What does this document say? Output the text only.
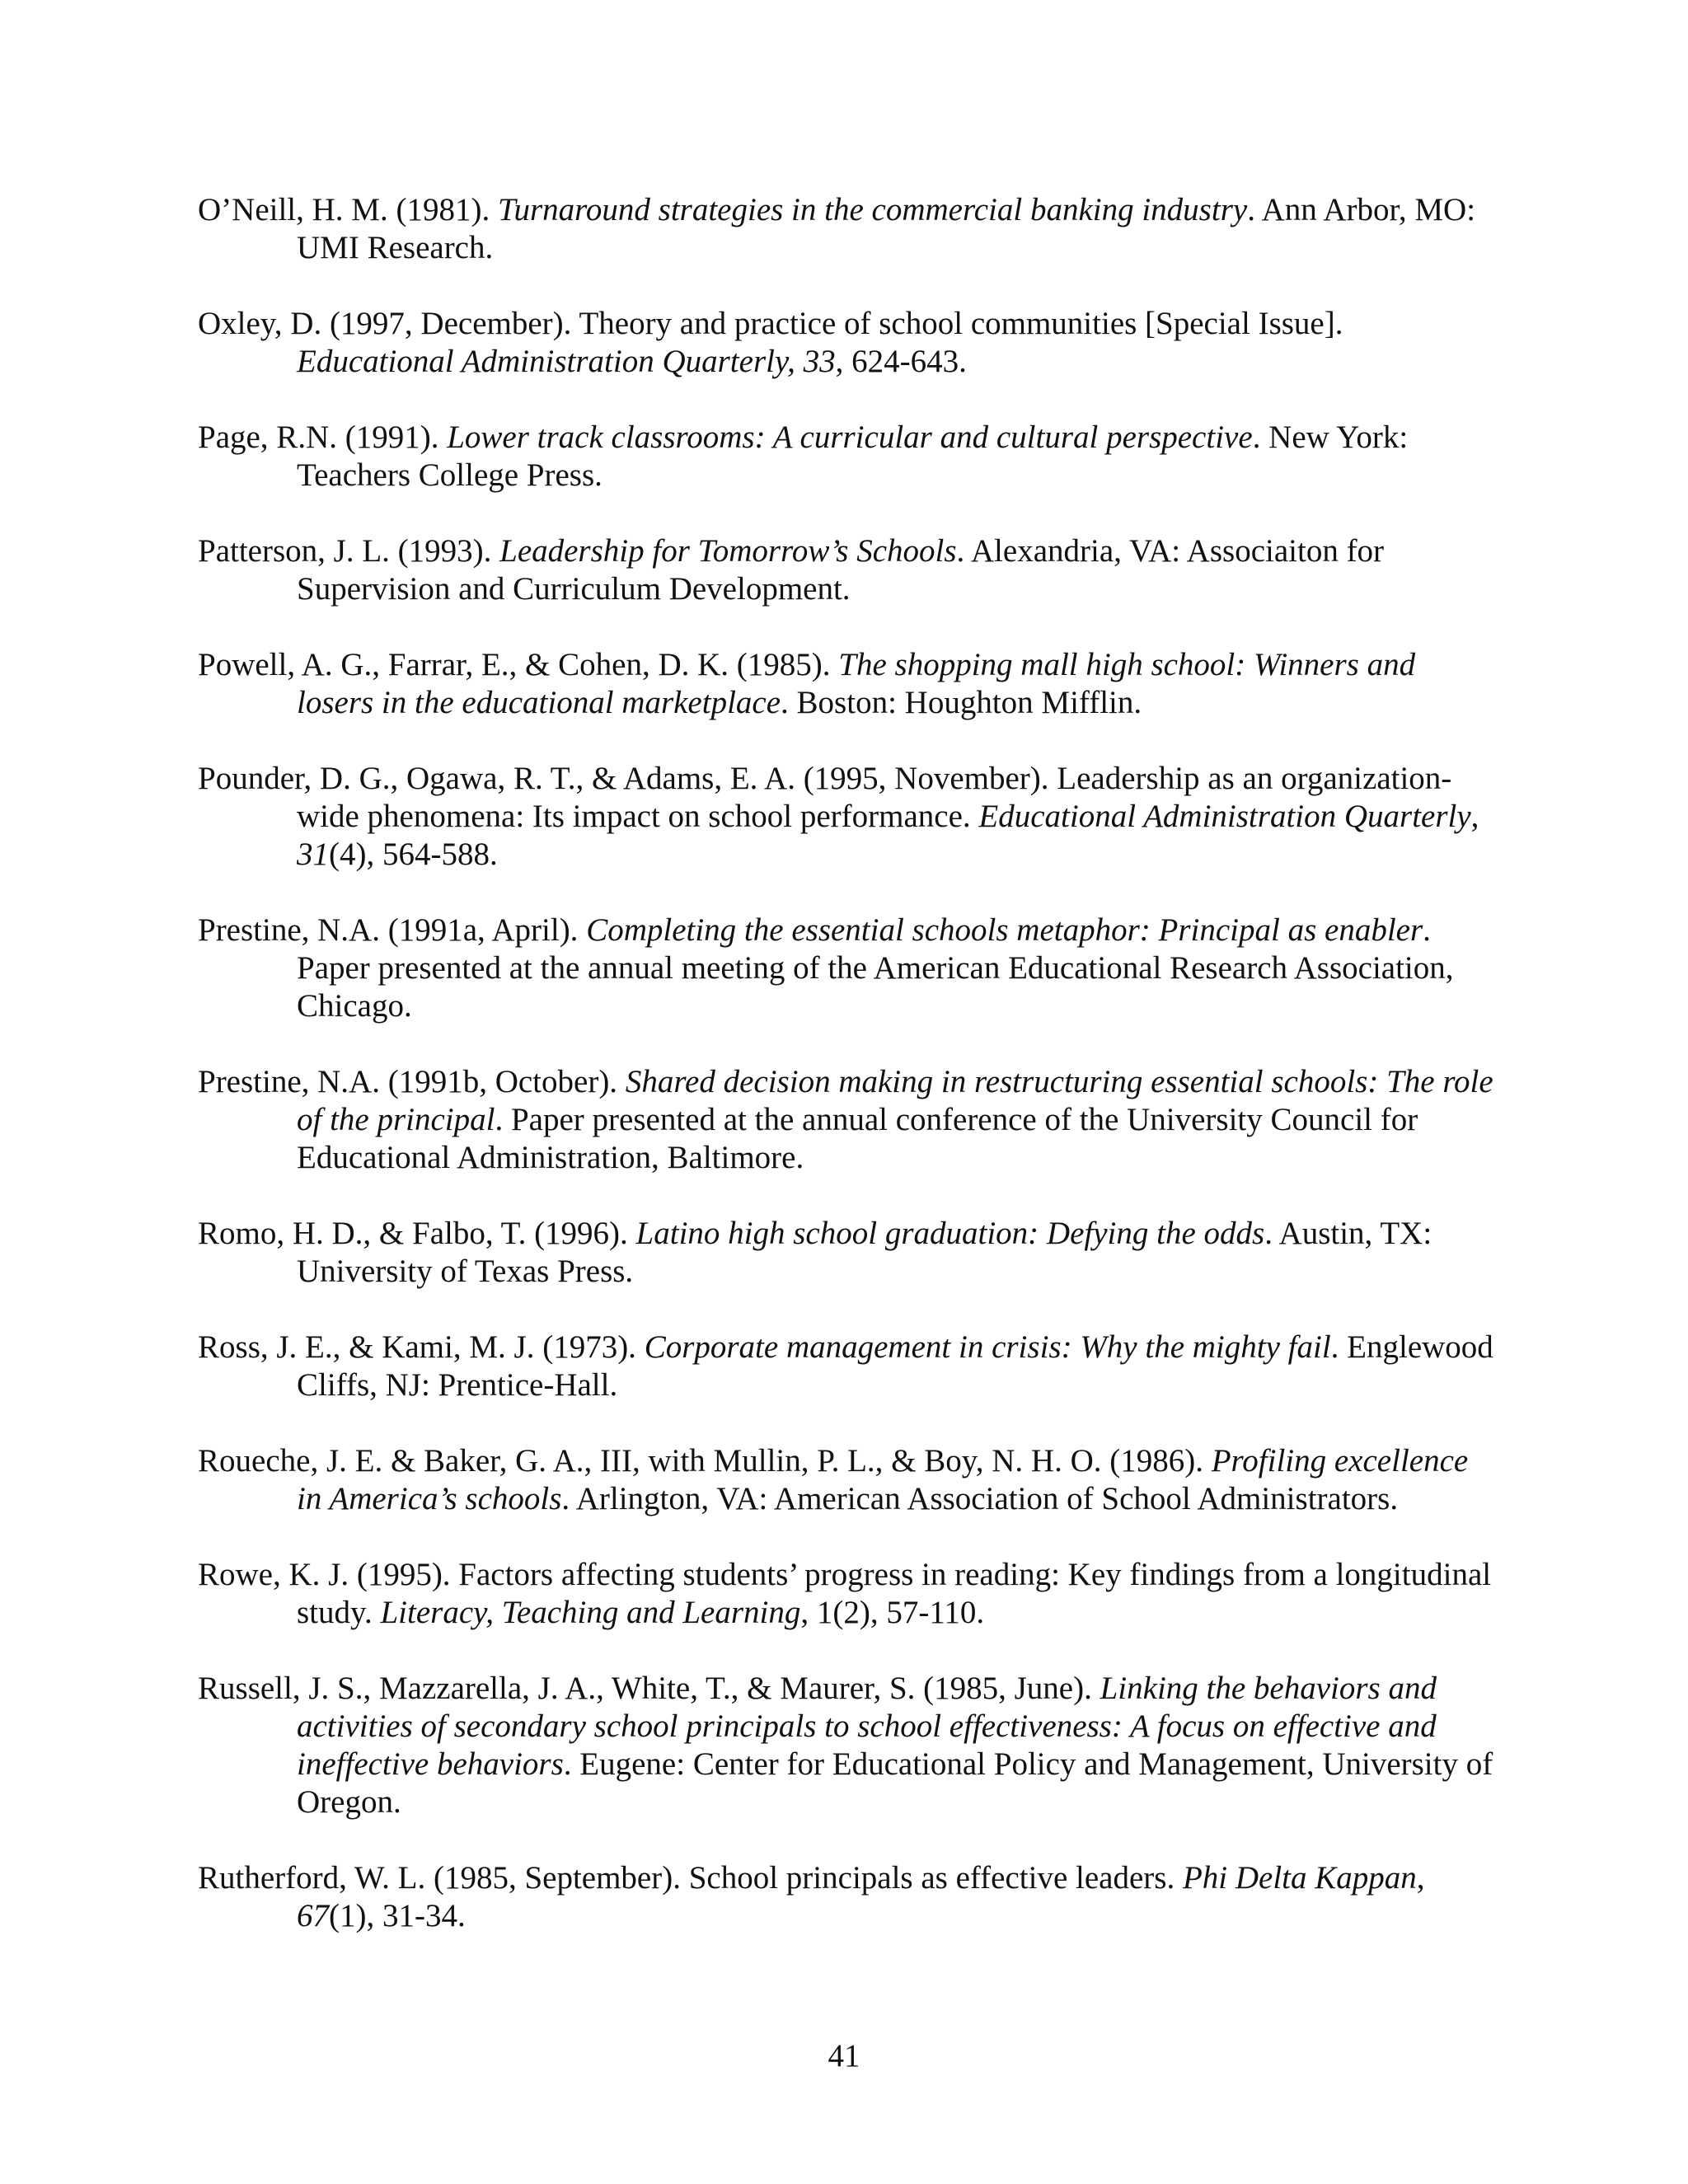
O’Neill, H. M. (1981). Turnaround strategies in the commercial banking industry. Ann Arbor, MO: UMI Research.
Oxley, D. (1997, December). Theory and practice of school communities [Special Issue]. Educational Administration Quarterly, 33, 624-643.
Page, R.N. (1991). Lower track classrooms: A curricular and cultural perspective. New York: Teachers College Press.
Patterson, J. L. (1993). Leadership for Tomorrow’s Schools. Alexandria, VA: Associaiton for Supervision and Curriculum Development.
Powell, A. G., Farrar, E., & Cohen, D. K. (1985). The shopping mall high school: Winners and losers in the educational marketplace. Boston: Houghton Mifflin.
Pounder, D. G., Ogawa, R. T., & Adams, E. A. (1995, November). Leadership as an organization-wide phenomena: Its impact on school performance. Educational Administration Quarterly, 31(4), 564-588.
Prestine, N.A. (1991a, April). Completing the essential schools metaphor: Principal as enabler. Paper presented at the annual meeting of the American Educational Research Association, Chicago.
Prestine, N.A. (1991b, October). Shared decision making in restructuring essential schools: The role of the principal. Paper presented at the annual conference of the University Council for Educational Administration, Baltimore.
Romo, H. D., & Falbo, T. (1996). Latino high school graduation: Defying the odds. Austin, TX: University of Texas Press.
Ross, J. E., & Kami, M. J. (1973). Corporate management in crisis: Why the mighty fail. Englewood Cliffs, NJ: Prentice-Hall.
Roueche, J. E. & Baker, G. A., III, with Mullin, P. L., & Boy, N. H. O. (1986). Profiling excellence in America’s schools. Arlington, VA: American Association of School Administrators.
Rowe, K. J. (1995). Factors affecting students’ progress in reading: Key findings from a longitudinal study. Literacy, Teaching and Learning, 1(2), 57-110.
Russell, J. S., Mazzarella, J. A., White, T., & Maurer, S. (1985, June). Linking the behaviors and activities of secondary school principals to school effectiveness: A focus on effective and ineffective behaviors. Eugene: Center for Educational Policy and Management, University of Oregon.
Rutherford, W. L. (1985, September). School principals as effective leaders. Phi Delta Kappan, 67(1), 31-34.
41
